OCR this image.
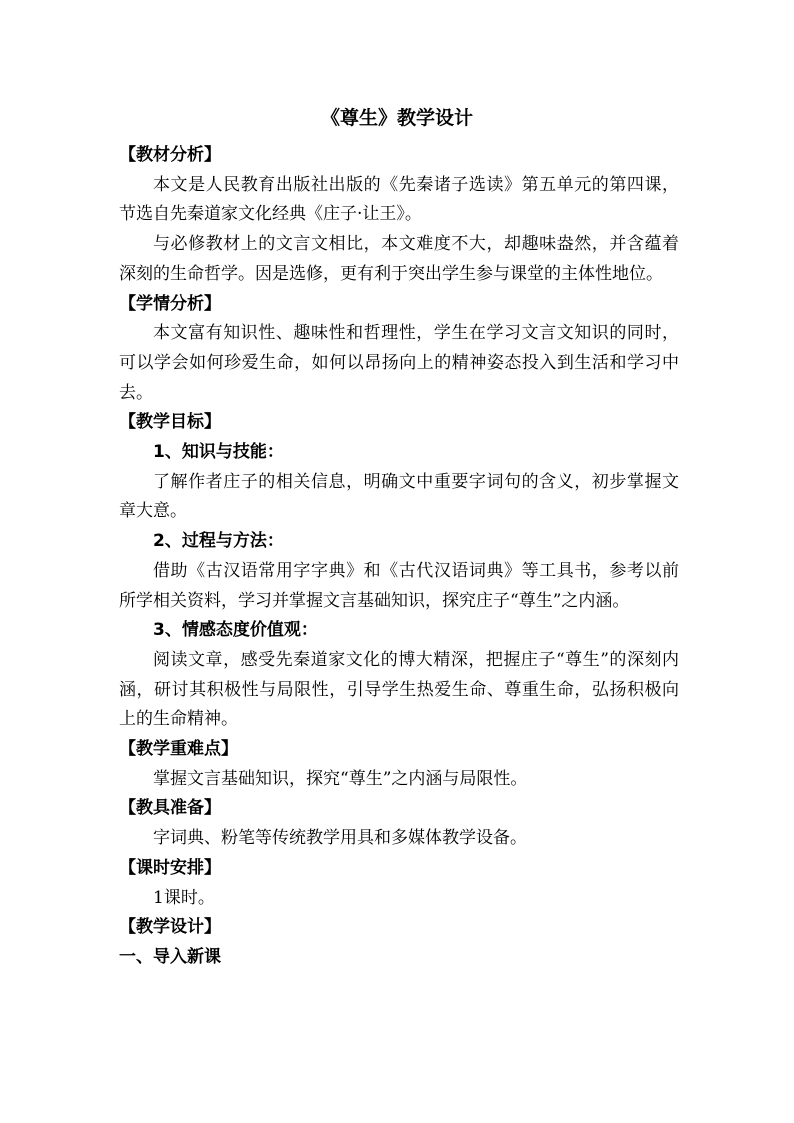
《尊生》教学设计
【教材分析】
本文是人民教育出版社出版的《先秦诸子选读》第五单元的第四课，节选自先秦道家文化经典《庄子·让王》。
与必修教材上的文言文相比，本文难度不大，却趣味盎然，并含蕴着深刻的生命哲学。因是选修，更有利于突出学生参与课堂的主体性地位。
【学情分析】
本文富有知识性、趣味性和哲理性，学生在学习文言文知识的同时，可以学会如何珍爱生命，如何以昂扬向上的精神姿态投入到生活和学习中去。
【教学目标】
1、知识与技能：
了解作者庄子的相关信息，明确文中重要字词句的含义，初步掌握文章大意。
2、过程与方法：
借助《古汉语常用字字典》和《古代汉语词典》等工具书，参考以前所学相关资料，学习并掌握文言基础知识，探究庄子“尊生”之内涵。
3、情感态度价值观：
阅读文章，感受先秦道家文化的博大精深，把握庄子“尊生”的深刻内涵，研讨其积极性与局限性，引导学生热爱生命、尊重生命，弘扬积极向上的生命精神。
【教学重难点】
掌握文言基础知识，探究“尊生”之内涵与局限性。
【教具准备】
字词典、粉笔等传统教学用具和多媒体教学设备。
【课时安排】
1课时。
【教学设计】
一、导入新课
